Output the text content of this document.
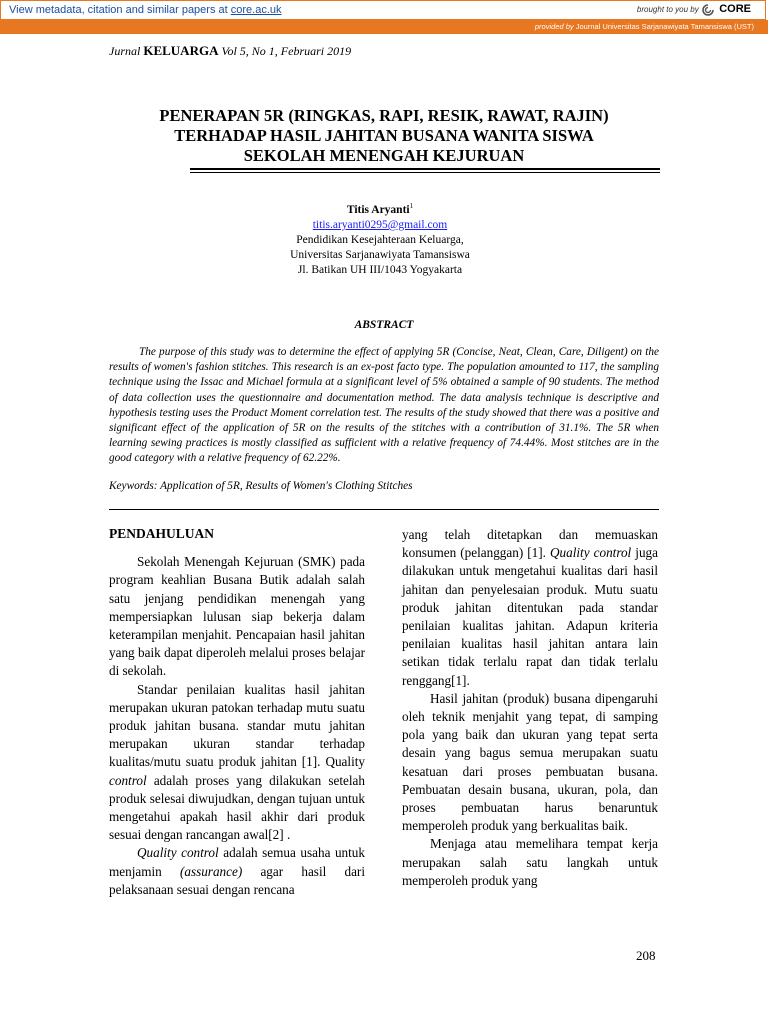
View metadata, citation and similar papers at core.ac.uk	brought to you by CORE
provided by Journal Universitas Sarjanawiyata Tamansiswa (UST)
Jurnal KELUARGA Vol 5, No 1, Februari 2019
PENERAPAN 5R (RINGKAS, RAPI, RESIK, RAWAT, RAJIN)
TERHADAP HASIL JAHITAN BUSANA WANITA SISWA
SEKOLAH MENENGAH KEJURUAN
Titis Aryanti$^1$
titis.aryanti0295@gmail.com
Pendidikan Kesejahteraan Keluarga,
Universitas Sarjanawiyata Tamansiswa
Jl. Batikan UH III/1043 Yogyakarta
ABSTRACT

The purpose of this study was to determine the effect of applying 5R (Concise, Neat, Clean, Care, Diligent) on the results of women's fashion stitches. This research is an ex-post facto type. The population amounted to 117, the sampling technique using the Issac and Michael formula at a significant level of 5% obtained a sample of 90 students. The method of data collection uses the questionnaire and documentation method. The data analysis technique is descriptive and hypothesis testing uses the Product Moment correlation test. The results of the study showed that there was a positive and significant effect of the application of 5R on the results of the stitches with a contribution of 31.1%. The 5R when learning sewing practices is mostly classified as sufficient with a relative frequency of 74.44%. Most stitches are in the good category with a relative frequency of 62.22%.

Keywords: Application of 5R, Results of Women's Clothing Stitches

PENDAHULUAN

Sekolah Menengah Kejuruan (SMK) pada program keahlian Busana Butik adalah salah satu jenjang pendidikan menengah yang mempersiapkan lulusan siap bekerja dalam keterampilan menjahit. Pencapaian hasil jahitan yang baik dapat diperoleh melalui proses belajar di sekolah.

Standar penilaian kualitas hasil jahitan merupakan ukuran patokan terhadap mutu suatu produk jahitan busana. standar mutu jahitan merupakan ukuran standar terhadap kualitas/mutu suatu produk jahitan [1]. Quality control adalah proses yang dilakukan setelah produk selesai diwujudkan, dengan tujuan untuk mengetahui apakah hasil akhir dari produk sesuai dengan rancangan awal[2] .

Quality control adalah semua usaha untuk menjamin (assurance) agar hasil dari pelaksanaan sesuai dengan rencana

yang telah ditetapkan dan memuaskan konsumen (pelanggan) [1]. Quality control juga dilakukan untuk mengetahui kualitas dari hasil jahitan dan penyelesaian produk. Mutu suatu produk jahitan ditentukan pada standar penilaian kualitas jahitan. Adapun kriteria penilaian kualitas hasil jahitan antara lain setikan tidak terlalu rapat dan tidak terlalu renggang[1].

Hasil jahitan (produk) busana dipengaruhi oleh teknik menjahit yang tepat, di samping pola yang baik dan ukuran yang tepat serta desain yang bagus semua merupakan suatu kesatuan dari proses pembuatan busana. Pembuatan desain busana, ukuran, pola, dan proses pembuatan harus benaruntuk memperoleh produk yang berkualitas baik.

Menjaga atau memelihara tempat kerja merupakan salah satu langkah untuk memperoleh produk yang

208
